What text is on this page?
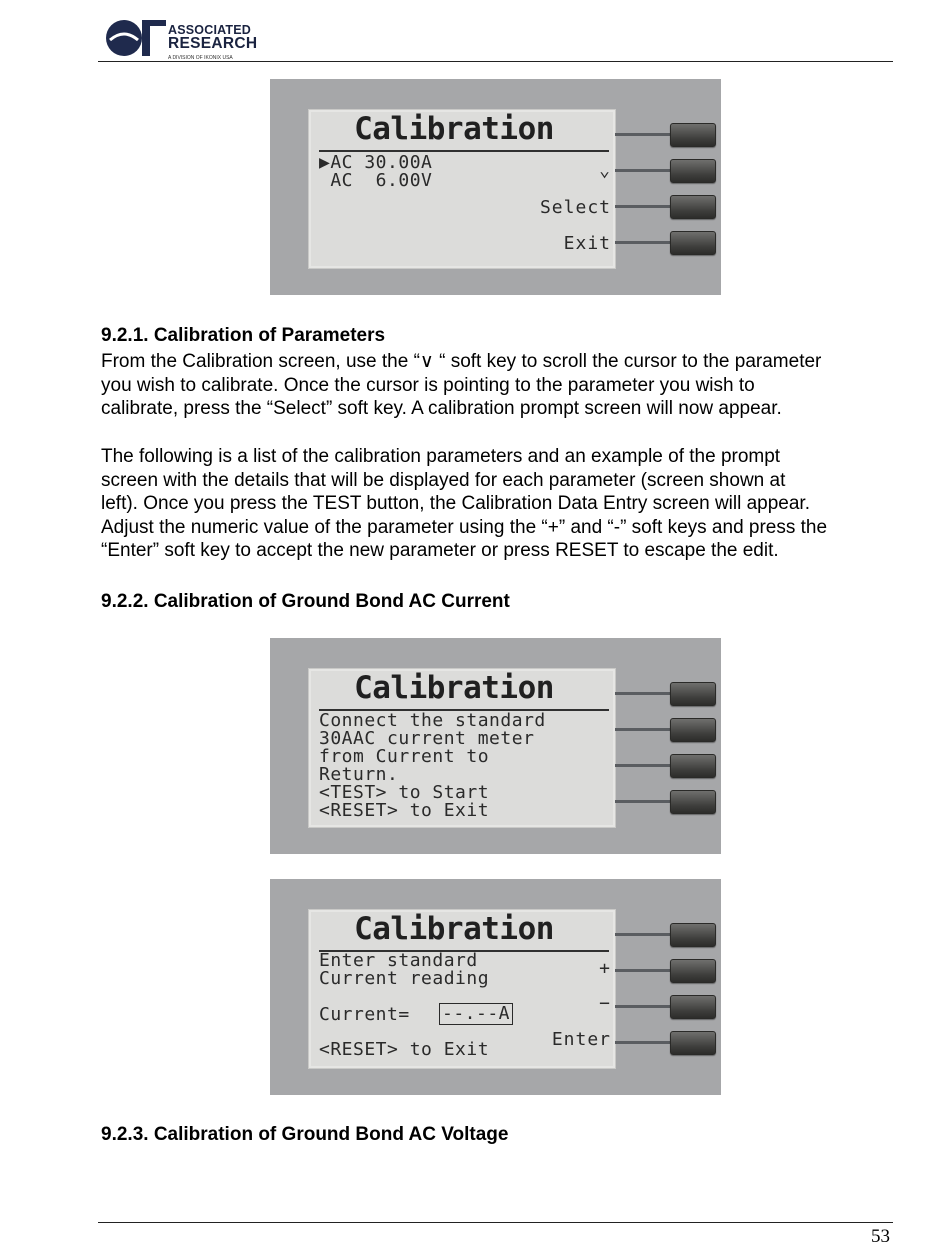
ASSOCIATED
RESEARCH
A DIVISION OF IKONIX USA
Calibration
▶AC 30.00A
AC  6.00V	⌄
Select
Exit
9.2.1. Calibration of Parameters

From the Calibration screen, use the “∨ “ soft key to scroll the cursor to the parameter
you wish to calibrate. Once the cursor is pointing to the parameter you wish to
calibrate, press the “Select” soft key. A calibration prompt screen will now appear.

The following is a list of the calibration parameters and an example of the prompt
screen with the details that will be displayed for each parameter (screen shown at
left). Once you press the TEST button, the Calibration Data Entry screen will appear.
Adjust the numeric value of the parameter using the “+” and “-” soft keys and press the
“Enter” soft key to accept the new parameter or press RESET to escape the edit.

9.2.2. Calibration of Ground Bond AC Current
Calibration
Connect the standard
30AAC current meter
from Current to
Return.
<TEST> to Start
<RESET> to Exit
Calibration
Enter standard
Current reading
Current= --.--A
<RESET> to Exit
+
−
Enter
9.2.3. Calibration of Ground Bond AC Voltage
53
